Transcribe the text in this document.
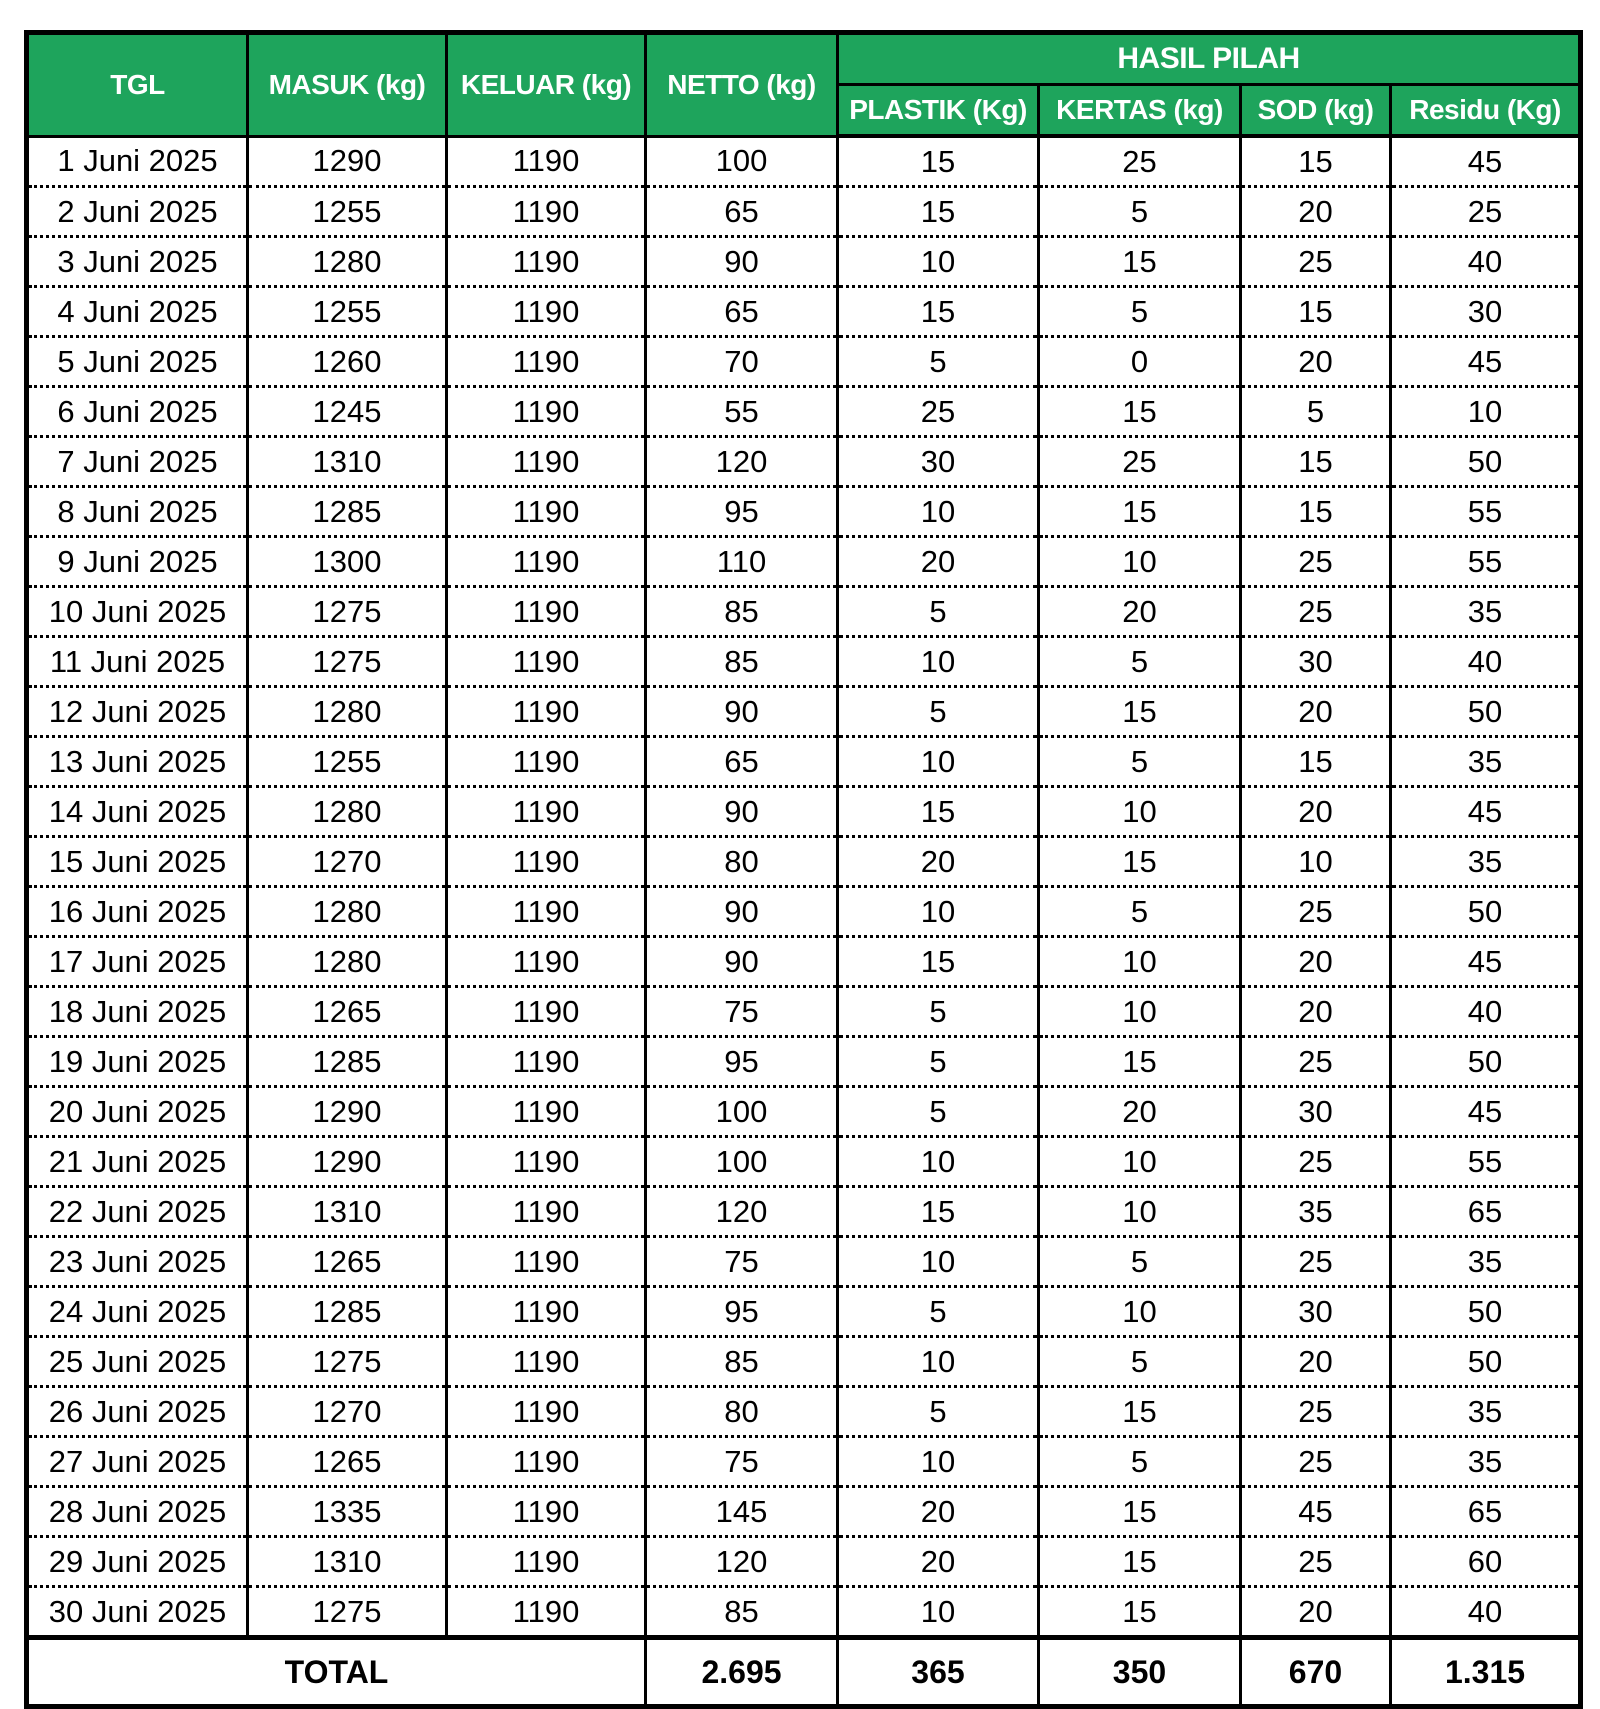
TGL	MASUK (kg)	KELUAR (kg)	NETTO (kg)	HASIL PILAH			
				PLASTIK (Kg)	KERTAS (kg)	SOD (kg)	Residu (Kg)
1 Juni 2025	1290	1190	100	15	25	15	45
2 Juni 2025	1255	1190	65	15	5	20	25
3 Juni 2025	1280	1190	90	10	15	25	40
4 Juni 2025	1255	1190	65	15	5	15	30
5 Juni 2025	1260	1190	70	5	0	20	45
6 Juni 2025	1245	1190	55	25	15	5	10
7 Juni 2025	1310	1190	120	30	25	15	50
8 Juni 2025	1285	1190	95	10	15	15	55
9 Juni 2025	1300	1190	110	20	10	25	55
10 Juni 2025	1275	1190	85	5	20	25	35
11 Juni 2025	1275	1190	85	10	5	30	40
12 Juni 2025	1280	1190	90	5	15	20	50
13 Juni 2025	1255	1190	65	10	5	15	35
14 Juni 2025	1280	1190	90	15	10	20	45
15 Juni 2025	1270	1190	80	20	15	10	35
16 Juni 2025	1280	1190	90	10	5	25	50
17 Juni 2025	1280	1190	90	15	10	20	45
18 Juni 2025	1265	1190	75	5	10	20	40
19 Juni 2025	1285	1190	95	5	15	25	50
20 Juni 2025	1290	1190	100	5	20	30	45
21 Juni 2025	1290	1190	100	10	10	25	55
22 Juni 2025	1310	1190	120	15	10	35	65
23 Juni 2025	1265	1190	75	10	5	25	35
24 Juni 2025	1285	1190	95	5	10	30	50
25 Juni 2025	1275	1190	85	10	5	20	50
26 Juni 2025	1270	1190	80	5	15	25	35
27 Juni 2025	1265	1190	75	10	5	25	35
28 Juni 2025	1335	1190	145	20	15	45	65
29 Juni 2025	1310	1190	120	20	15	25	60
30 Juni 2025	1275	1190	85	10	15	20	40
TOTAL			2.695	365	350	670	1.315
